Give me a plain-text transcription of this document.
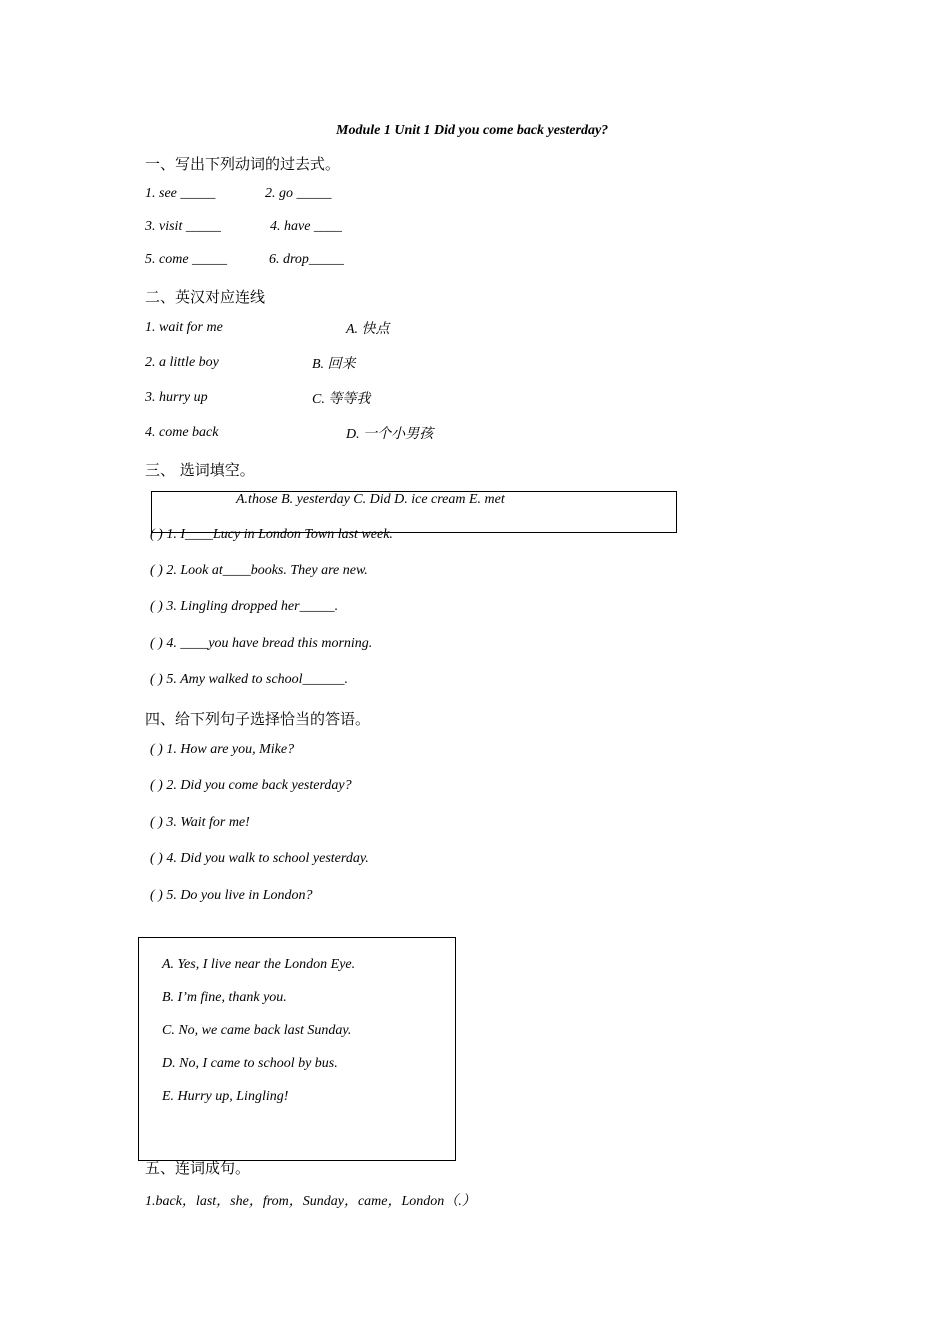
Module 1 Unit 1 Did you come back yesterday?
一、写出下列动词的过去式。
1. see _____	2. go _____
3. visit _____	4. have ____
5. come _____	6. drop_____
二、英汉对应连线
1. wait for me	A. 快点
2. a little boy	B. 回来
3. hurry up	C. 等等我
4. come back	D. 一个小男孩
三、 选词填空。
A.those B. yesterday C. Did D. ice cream E. met
( ) 1. I____Lucy in London Town last week.
( ) 2. Look at____books. They are new.
( ) 3. Lingling dropped her_____.
( ) 4. ____you have bread this morning.
( ) 5. Amy walked to school______.
四、给下列句子选择恰当的答语。
( ) 1. How are you, Mike?
( ) 2. Did you come back yesterday?
( ) 3. Wait for me!
( ) 4. Did you walk to school yesterday.
( ) 5. Do you live in London?
A. Yes, I live near the London Eye.
B. I’m fine, thank you.
C. No, we came back last Sunday.
D. No, I came to school by bus.
E. Hurry up, Lingling!
五、连词成句。
1.back，last，she，from，Sunday，came，London（.）
